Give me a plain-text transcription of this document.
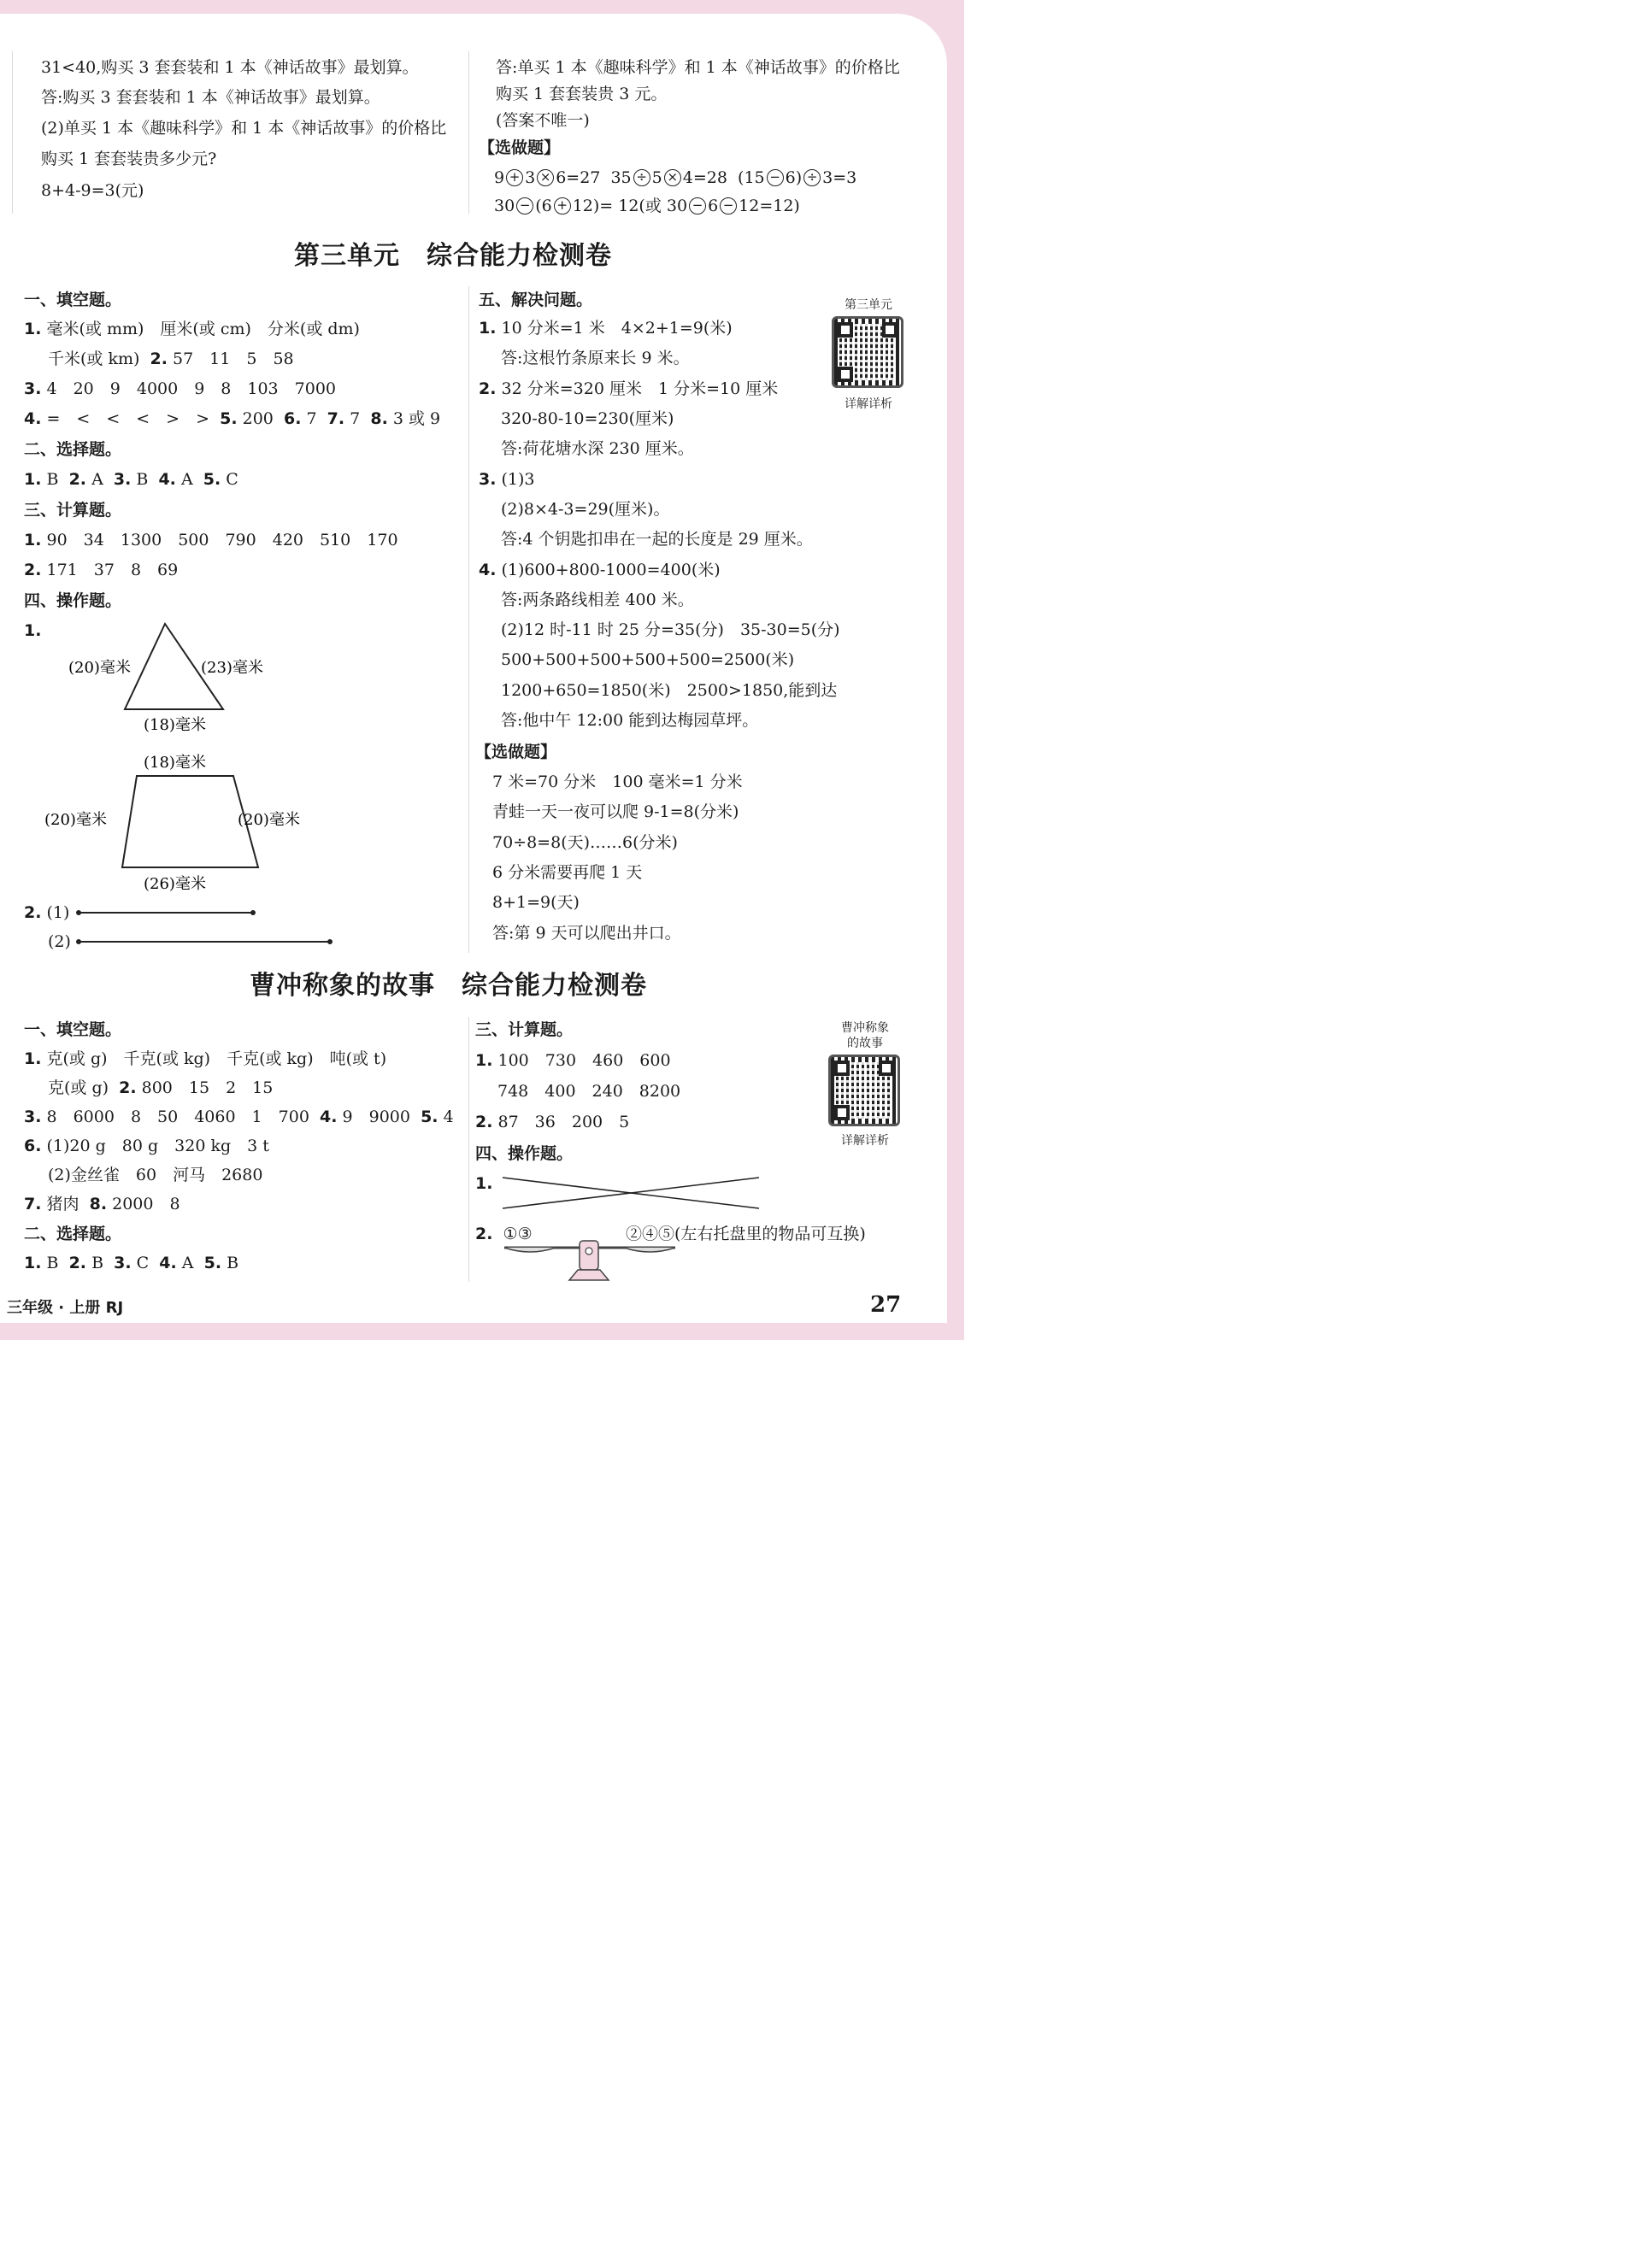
31<40,购买 3 套套装和 1 本《神话故事》最划算。
答:购买 3 套套装和 1 本《神话故事》最划算。
(2)单买 1 本《趣味科学》和 1 本《神话故事》的价格比
购买 1 套套装贵多少元?
8+4-9=3(元)
答:单买 1 本《趣味科学》和 1 本《神话故事》的价格比
购买 1 套套装贵 3 元。
(答案不唯一)
【选做题】
9 + 3 × 6=27 35 ÷ 5 × 4=28 (15 − 6) ÷ 3=3
30 − (6 + 12)= 12(或 30 − 6 − 12=12)
第三单元　综合能力检测卷
一、填空题。
1. 毫米(或 mm)　厘米(或 cm)　分米(或 dm)
千米(或 km) 2. 57　11　5　58
3. 4　20　9　4000　9　8　103　7000
4. =　<　<　<　>　> 5. 200 6. 7 7. 7 8. 3 或 9
二、选择题。
1. B 2. A 3. B 4. A 5. C
三、计算题。
1. 90　34　1300　500　790　420　510　170
2. 171　37　8　69
四、操作题。
1.
(20)毫米	(23)毫米
(18)毫米
(18)毫米
(20)毫米	(20)毫米
(26)毫米
2. (1)
(2)
五、解决问题。	第三单元
详解详析
1. 10 分米=1 米　4×2+1=9(米)
答:这根竹条原来长 9 米。
2. 32 分米=320 厘米　1 分米=10 厘米
320-80-10=230(厘米)
答:荷花塘水深 230 厘米。
3. (1)3
(2)8×4-3=29(厘米)。
答:4 个钥匙扣串在一起的长度是 29 厘米。
4. (1)600+800-1000=400(米)
答:两条路线相差 400 米。
(2)12 时-11 时 25 分=35(分)　35-30=5(分)
500+500+500+500+500=2500(米)
1200+650=1850(米)　2500>1850,能到达
答:他中午 12:00 能到达梅园草坪。
【选做题】
7 米=70 分米　100 毫米=1 分米
青蛙一天一夜可以爬 9-1=8(分米)
70÷8=8(天)……6(分米)
6 分米需要再爬 1 天
8+1=9(天)
答:第 9 天可以爬出井口。
曹冲称象的故事　综合能力检测卷
一、填空题。
1. 克(或 g)　千克(或 kg)　千克(或 kg)　吨(或 t)
克(或 g) 2. 800　15　2　15
3. 8　6000　8　50　4060　1　700 4. 9　9000 5. 4
6. (1)20 g　80 g　320 kg　3 t
(2)金丝雀　60　河马　2680
7. 猪肉 8. 2000　8
二、选择题。
1. B 2. B 3. C 4. A 5. B
三、计算题。
1. 100　730　460　600
748　400　240　8200
2. 87　36　200　5
四、操作题。
1.
2. ①③	②④⑤(左右托盘里的物品可互换)
曹冲称象
的故事
详解详析
三年级 · 上册 RJ	27
